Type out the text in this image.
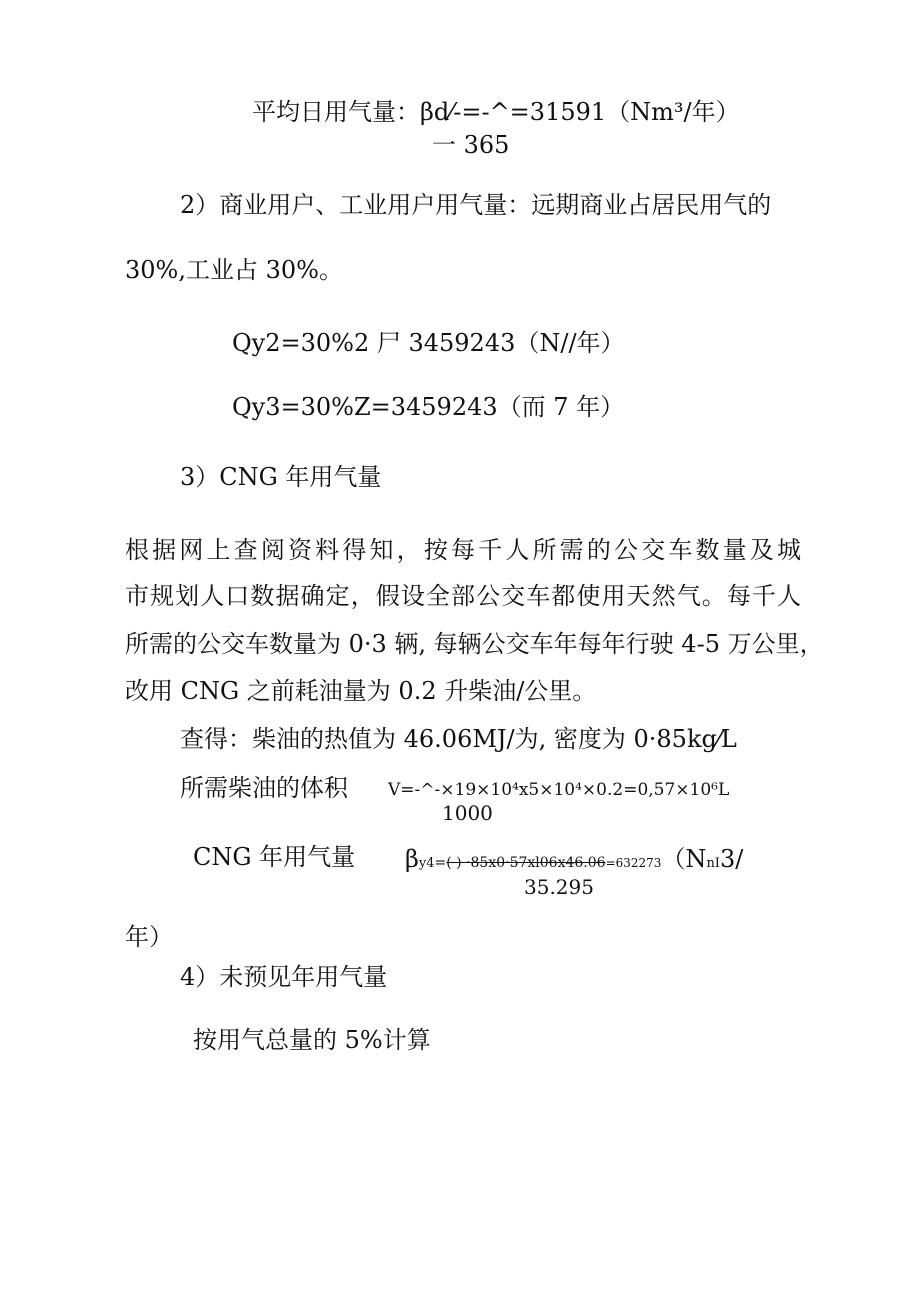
平均日用气量：βd⁄-=-^=31591（Nm³/年）
一 365
2）商业用户、工业用户用气量：远期商业占居民用气的
30%,工业占 30%。
Qy2=30%2 尸 3459243（N//年）
Qy3=30%Z=3459243（而 7 年）
3）CNG 年用气量
根据网上查阅资料得知，按每千人所需的公交车数量及城
市规划人口数据确定，假设全部公交车都使用天然气。每千人
所需的公交车数量为 0·3 辆, 每辆公交车年每年行驶 4-5 万公里，
改用 CNG 之前耗油量为 0.2 升柴油/公里。
查得：柴油的热值为 46.06MJ/为, 密度为 0·85kg⁄L
所需柴油的体积 V=-^-×19×10⁴x5×10⁴×0.2=0,57×10⁶L
1000
CNG 年用气量 βy4=( ) ·85x0·57xl06x46.06=632273（NnI3/
35.295
年）
4）未预见年用气量
按用气总量的 5%计算
